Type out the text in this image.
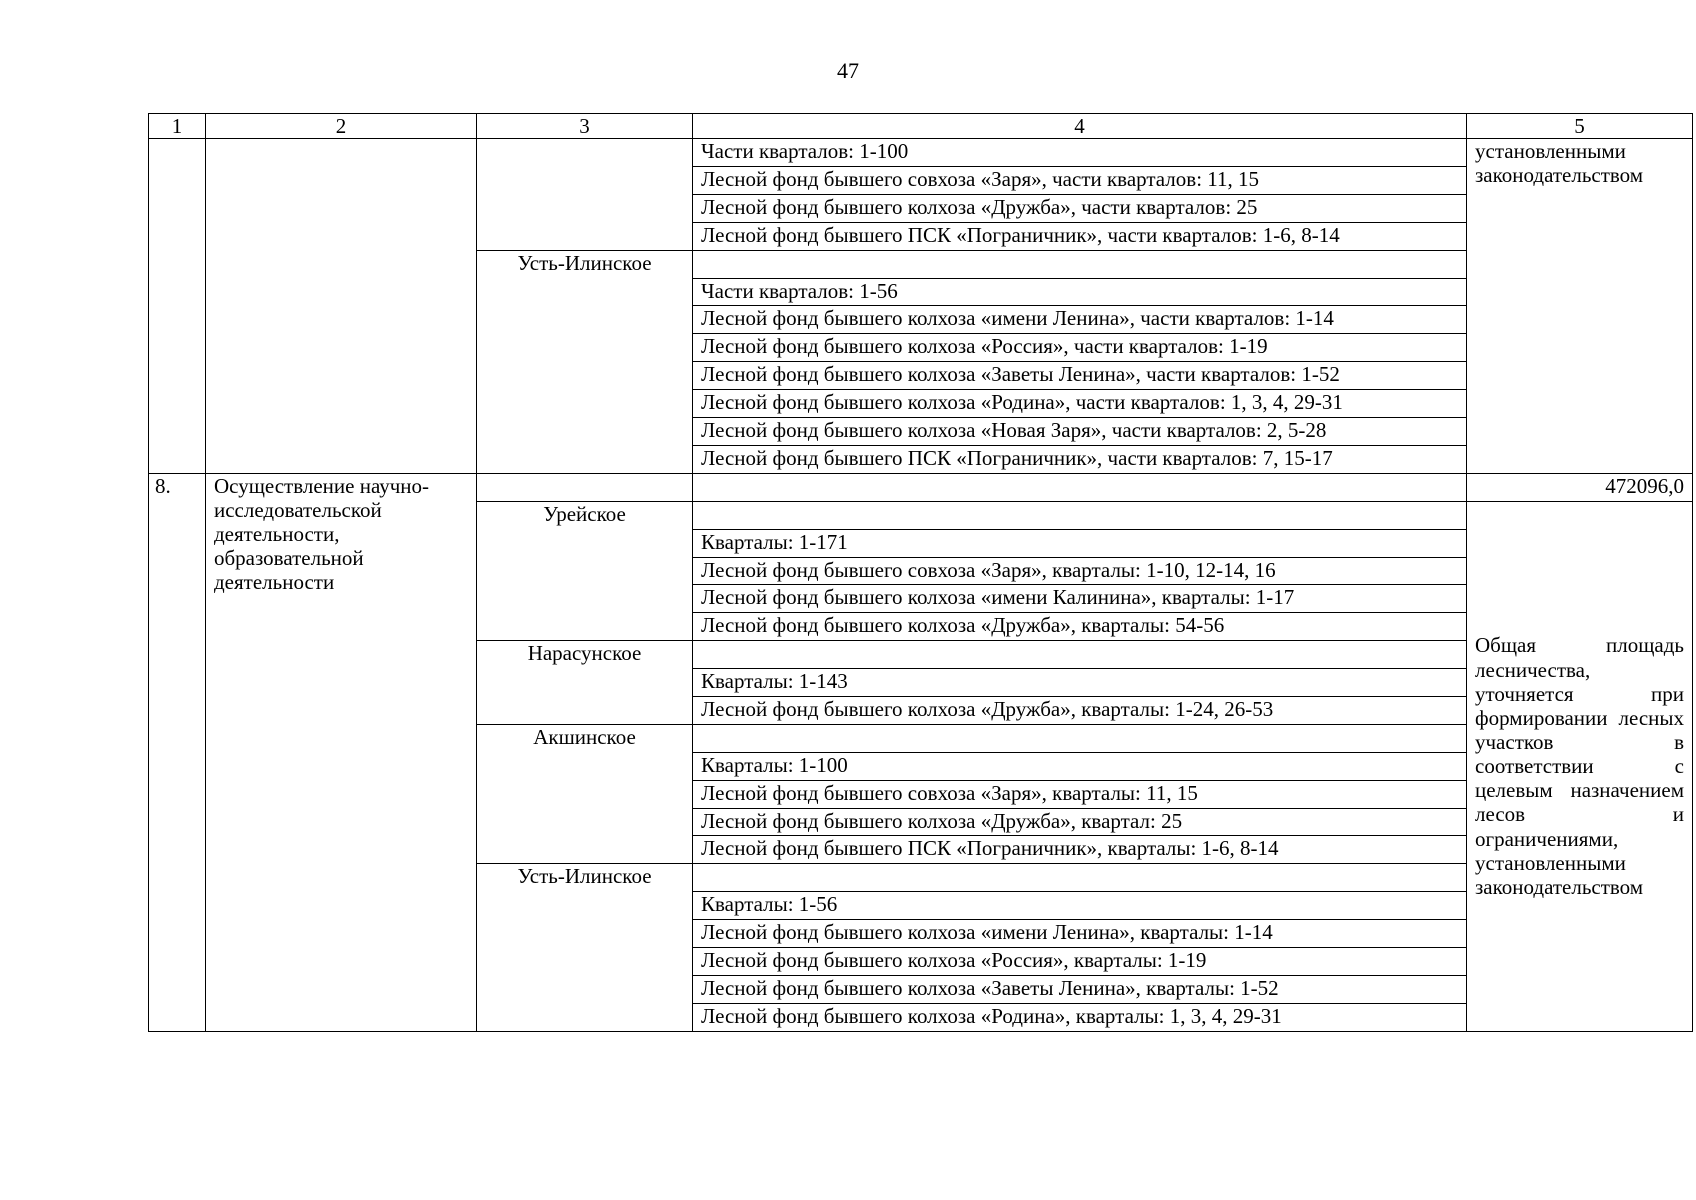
47
1	2	3	4	5
			Части кварталов: 1-100	установленными законодательством
			Лесной фонд бывшего совхоза «Заря», части кварталов: 11, 15	
			Лесной фонд бывшего колхоза «Дружба», части кварталов: 25	
			Лесной фонд бывшего ПСК «Пограничник», части кварталов: 1-6, 8-14	
		Усть-Илинское		
			Части кварталов: 1-56	
			Лесной фонд бывшего колхоза «имени Ленина», части кварталов: 1-14	
			Лесной фонд бывшего колхоза «Россия», части кварталов: 1-19	
			Лесной фонд бывшего колхоза «Заветы Ленина», части кварталов: 1-52	
			Лесной фонд бывшего колхоза «Родина», части кварталов: 1, 3, 4, 29-31	
			Лесной фонд бывшего колхоза «Новая Заря», части кварталов: 2, 5-28	
			Лесной фонд бывшего ПСК «Пограничник», части кварталов: 7, 15-17	
8.	Осуществление научно-исследовательской деятельности, образовательной деятельности			472096,0
		Урейское		Общая площадь лесничества, уточняется при формировании лесных участков в соответствии с целевым назначением лесов и ограничениями, установленными законодательством
			Кварталы: 1-171	
			Лесной фонд бывшего совхоза «Заря», кварталы: 1-10, 12-14, 16	
			Лесной фонд бывшего колхоза «имени Калинина», кварталы: 1-17	
			Лесной фонд бывшего колхоза «Дружба», кварталы: 54-56	
		Нарасунское		
			Кварталы: 1-143	
			Лесной фонд бывшего колхоза «Дружба», кварталы: 1-24, 26-53	
		Акшинское		
			Кварталы: 1-100	
			Лесной фонд бывшего совхоза «Заря», кварталы: 11, 15	
			Лесной фонд бывшего колхоза «Дружба», квартал: 25	
			Лесной фонд бывшего ПСК «Пограничник», кварталы: 1-6, 8-14	
		Усть-Илинское		
			Кварталы: 1-56	
			Лесной фонд бывшего колхоза «имени Ленина», кварталы: 1-14	
			Лесной фонд бывшего колхоза «Россия», кварталы: 1-19	
			Лесной фонд бывшего колхоза «Заветы Ленина», кварталы: 1-52	
			Лесной фонд бывшего колхоза «Родина», кварталы: 1, 3, 4, 29-31	
